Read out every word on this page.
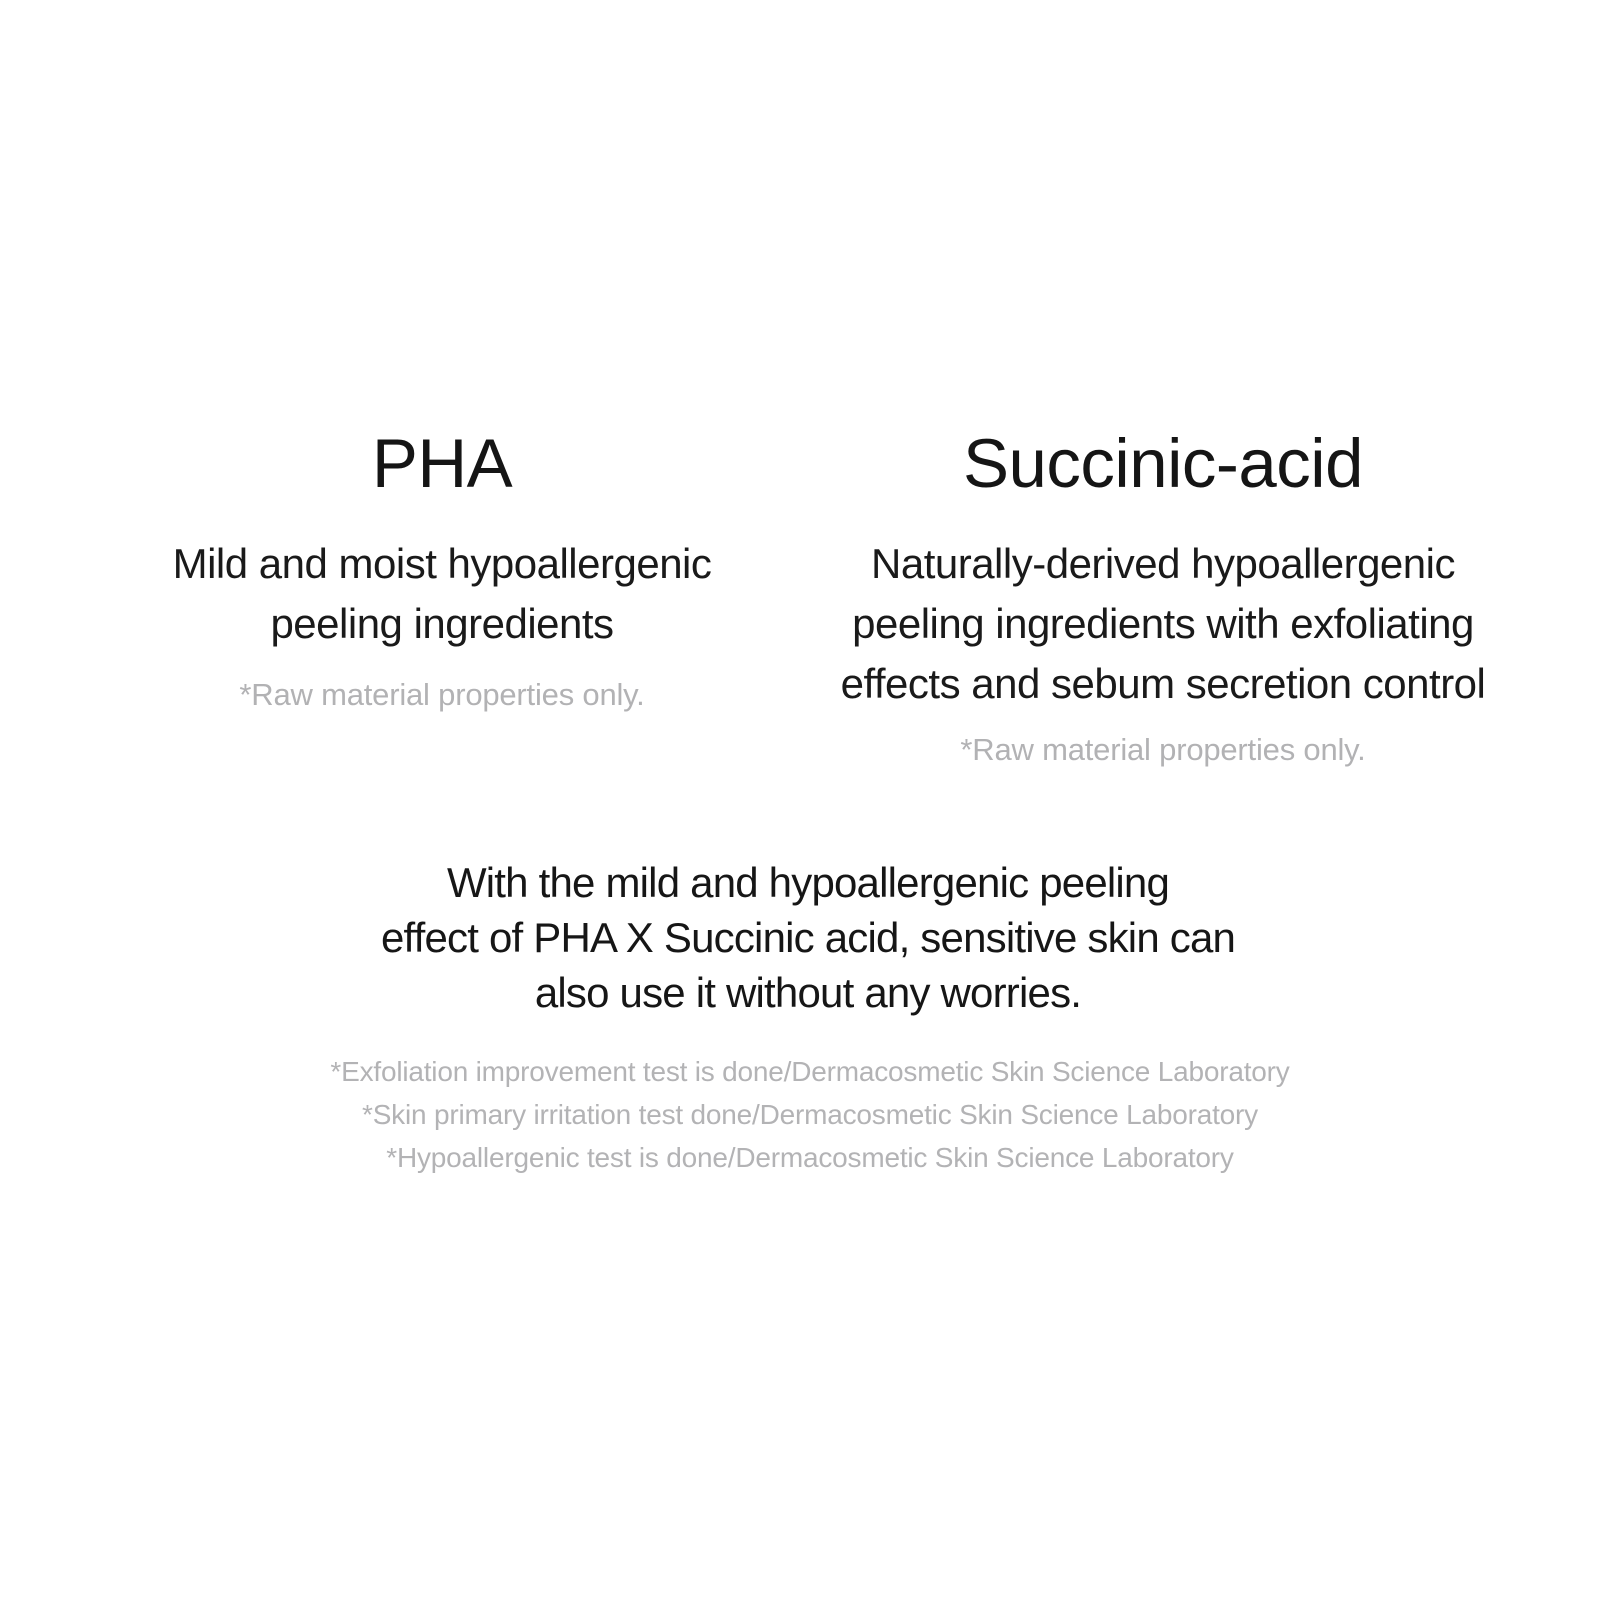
PHA
Mild and moist hypoallergenic
peeling ingredients
*Raw material properties only.
Succinic-acid
Naturally-derived hypoallergenic
peeling ingredients with exfoliating
effects and sebum secretion control
*Raw material properties only.
With the mild and hypoallergenic peeling
effect of PHA X Succinic acid, sensitive skin can
also use it without any worries.
*Exfoliation improvement test is done/Dermacosmetic Skin Science Laboratory
*Skin primary irritation test done/Dermacosmetic Skin Science Laboratory
*Hypoallergenic test is done/Dermacosmetic Skin Science Laboratory
